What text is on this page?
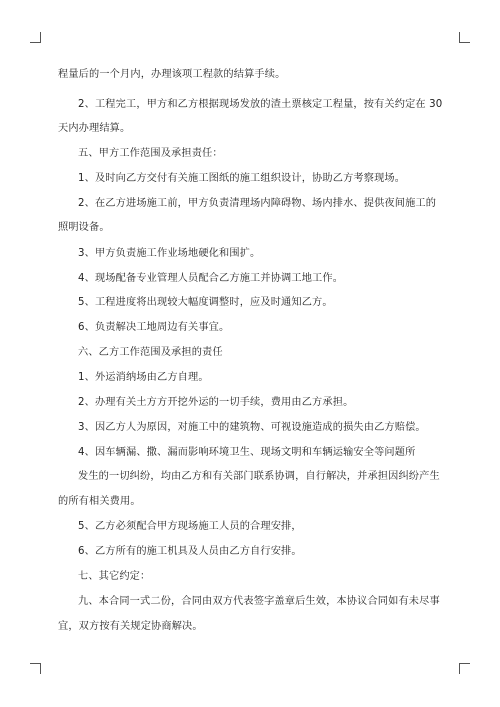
程量后的一个月内，办理该项工程款的结算手续。
2、工程完工，甲方和乙方根据现场发放的渣土票核定工程量，按有关约定在 30
天内办理结算。
五、甲方工作范围及承担责任：
1、及时向乙方交付有关施工图纸的施工组织设计，协助乙方考察现场。
2、在乙方进场施工前，甲方负责清理场内障碍物、场内排水、提供夜间施工的
照明设备。
3、甲方负责施工作业场地硬化和围扩。
4、现场配备专业管理人员配合乙方施工并协调工地工作。
5、工程进度将出现较大幅度调整时，应及时通知乙方。
6、负责解决工地周边有关事宜。
六、乙方工作范围及承担的责任
1、外运消纳场由乙方自理。
2、办理有关土方方开挖外运的一切手续，费用由乙方承担。
3、因乙方人为原因，对施工中的建筑物、可视设施造成的损失由乙方赔偿。
4、因车辆漏、撒、漏而影响环境卫生、现场文明和车辆运输安全等问题所
发生的一切纠纷，均由乙方和有关部门联系协调，自行解决，并承担因纠纷产生
的所有相关费用。
5、乙方必须配合甲方现场施工人员的合理安排，
6、乙方所有的施工机具及人员由乙方自行安排。
七、其它约定：
九、本合同一式二份，合同由双方代表签字盖章后生效，本协议合同如有未尽事
宜，双方按有关规定协商解决。
